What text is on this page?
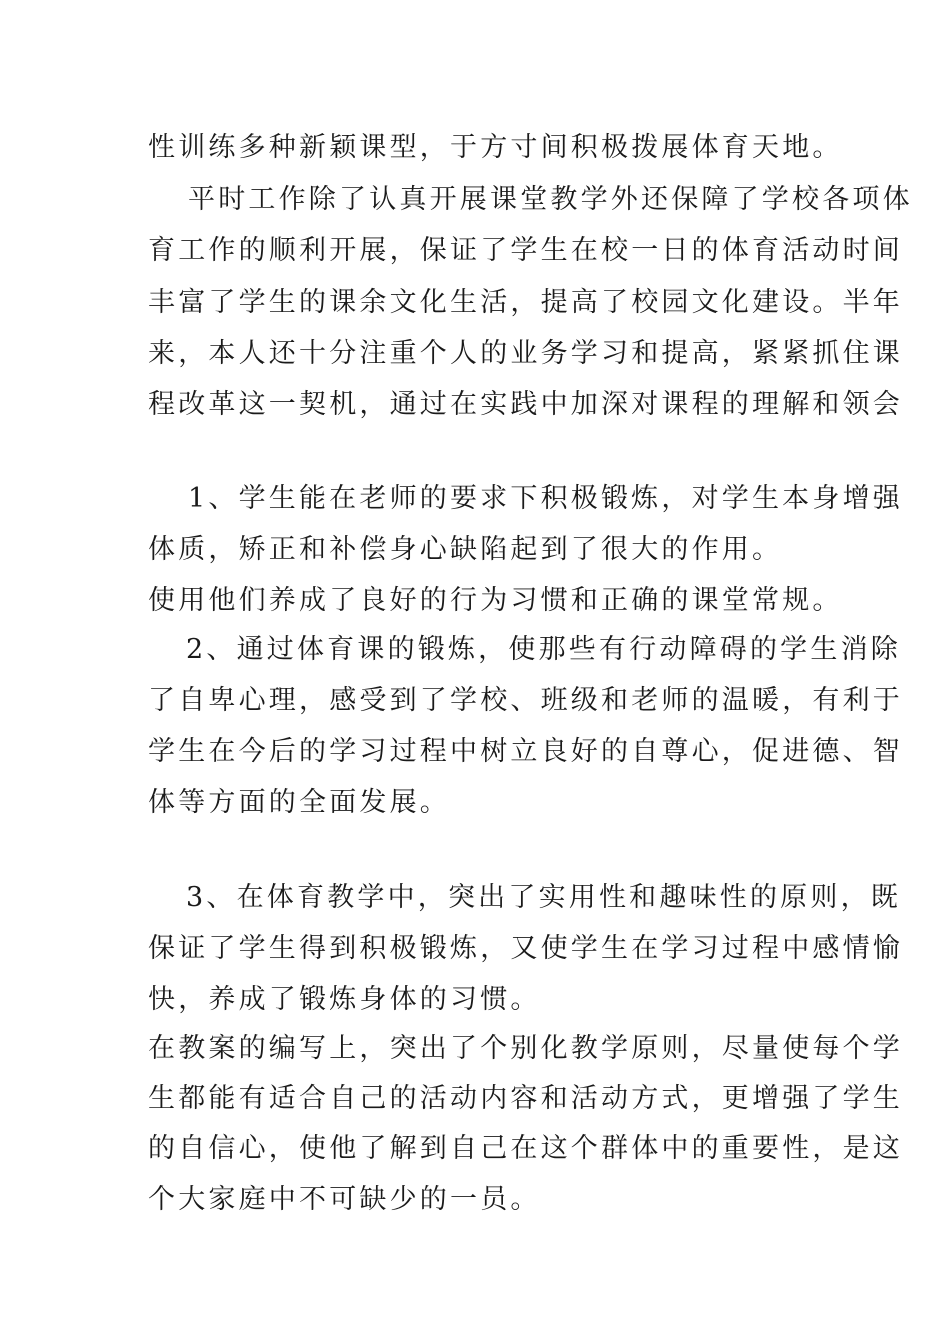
性训练多种新颖课型，于方寸间积极拨展体育天地。
平时工作除了认真开展课堂教学外还保障了学校各项体
育工作的顺利开展，保证了学生在校一日的体育活动时间
丰富了学生的课余文化生活，提高了校园文化建设。半年
来，本人还十分注重个人的业务学习和提高，紧紧抓住课
程改革这一契机，通过在实践中加深对课程的理解和领会
1、学生能在老师的要求下积极锻炼，对学生本身增强
体质，矫正和补偿身心缺陷起到了很大的作用。
使用他们养成了良好的行为习惯和正确的课堂常规。
2、通过体育课的锻炼，使那些有行动障碍的学生消除
了自卑心理，感受到了学校、班级和老师的温暖，有利于
学生在今后的学习过程中树立良好的自尊心，促进德、智
体等方面的全面发展。
3、在体育教学中，突出了实用性和趣味性的原则，既
保证了学生得到积极锻炼，又使学生在学习过程中感情愉
快，养成了锻炼身体的习惯。
在教案的编写上，突出了个别化教学原则，尽量使每个学
生都能有适合自己的活动内容和活动方式，更增强了学生
的自信心，使他了解到自己在这个群体中的重要性，是这
个大家庭中不可缺少的一员。
